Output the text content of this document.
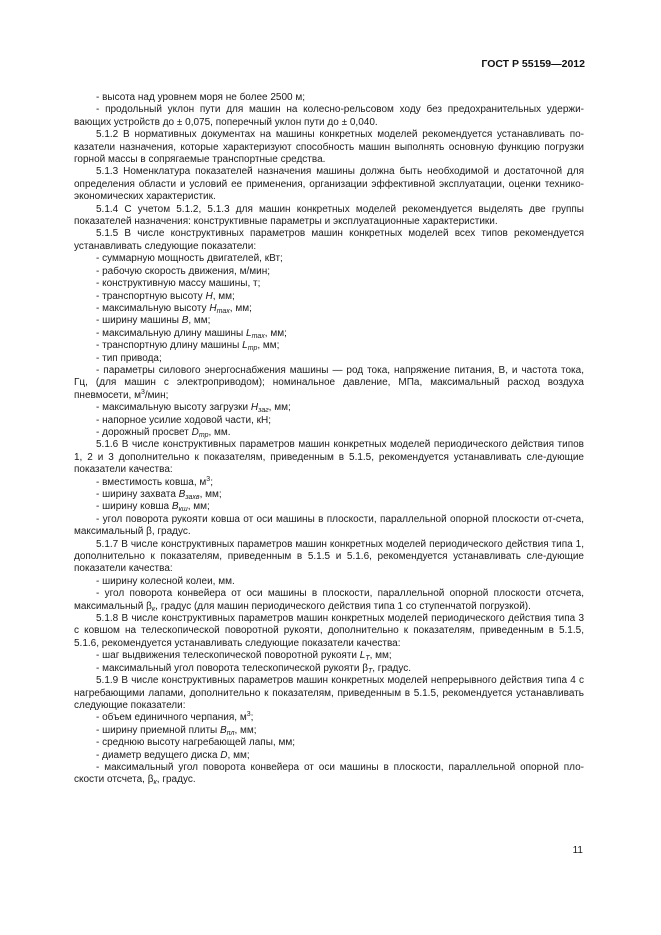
ГОСТ Р 55159—2012

- высота над уровнем моря не более 2500 м;

- продольный уклон пути для машин на колесно-рельсовом ходу без предохранительных удержи-вающих устройств до ± 0,075, поперечный уклон пути до ± 0,040.

5.1.2 В нормативных документах на машины конкретных моделей рекомендуется устанавливать по-казатели назначения, которые характеризуют способность машин выполнять основную функцию погрузки горной массы в сопрягаемые транспортные средства.

5.1.3 Номенклатура показателей назначения машины должна быть необходимой и достаточной для определения области и условий ее применения, организации эффективной эксплуатации, оценки технико-экономических характеристик.

5.1.4 С учетом 5.1.2, 5.1.3 для машин конкретных моделей рекомендуется выделять две группы показателей назначения: конструктивные параметры и эксплуатационные характеристики.

5.1.5 В числе конструктивных параметров машин конкретных моделей всех типов рекомендуется устанавливать следующие показатели:

- суммарную мощность двигателей, кВт;

- рабочую скорость движения, м/мин;

- конструктивную массу машины, т;

- транспортную высоту H, мм;

- максимальную высоту $H_{max}$, мм;

- ширину машины B, мм;

- максимальную длину машины $L_{max}$, мм;

- транспортную длину машины $L_{тр}$, мм;

- тип привода;

- параметры силового энергоснабжения машины — род тока, напряжение питания, В, и частота тока, Гц, (для машин с электроприводом); номинальное давление, МПа, максимальный расход воздуха пневмосети, $м^3$/мин;

- максимальную высоту загрузки $H_{заг}$, мм;

- напорное усилие ходовой части, кН;

- дорожный просвет $D_{тр}$, мм.

5.1.6 В числе конструктивных параметров машин конкретных моделей периодического действия типов 1, 2 и 3 дополнительно к показателям, приведенным в 5.1.5, рекомендуется устанавливать сле-дующие показатели качества:

- вместимость ковша, $м^3$;

- ширину захвата $B_{захв}$, мм;

- ширину ковша $B_{кш}$, мм;

- угол поворота рукояти ковша от оси машины в плоскости, параллельной опорной плоскости от-счета, максимальный β, градус.

5.1.7 В числе конструктивных параметров машин конкретных моделей периодического действия типа 1, дополнительно к показателям, приведенным в 5.1.5 и 5.1.6, рекомендуется устанавливать сле-дующие показатели качества:

- ширину колесной колеи, мм.

- угол поворота конвейера от оси машины в плоскости, параллельной опорной плоскости отсчета, максимальный $\beta_к$, градус (для машин периодического действия типа 1 со ступенчатой погрузкой).

5.1.8 В числе конструктивных параметров машин конкретных моделей периодического действия типа 3 с ковшом на телескопической поворотной рукояти, дополнительно к показателям, приведенным в 5.1.5, 5.1.6, рекомендуется устанавливать следующие показатели качества:

- шаг выдвижения телескопической поворотной рукояти $L_Т$, мм;

- максимальный угол поворота телескопической рукояти $\beta_Т$, градус.

5.1.9 В числе конструктивных параметров машин конкретных моделей непрерывного действия типа 4 с нагребающими лапами, дополнительно к показателям, приведенным в 5.1.5, рекомендуется устанавливать следующие показатели:

- объем единичного черпания, $м^3$;

- ширину приемной плиты $B_{пл}$, мм;

- среднюю высоту нагребающей лапы, мм;

- диаметр ведущего диска D, мм;

- максимальный угол поворота конвейера от оси машины в плоскости, параллельной опорной пло-скости отсчета, $\beta_к$, градус.

11
